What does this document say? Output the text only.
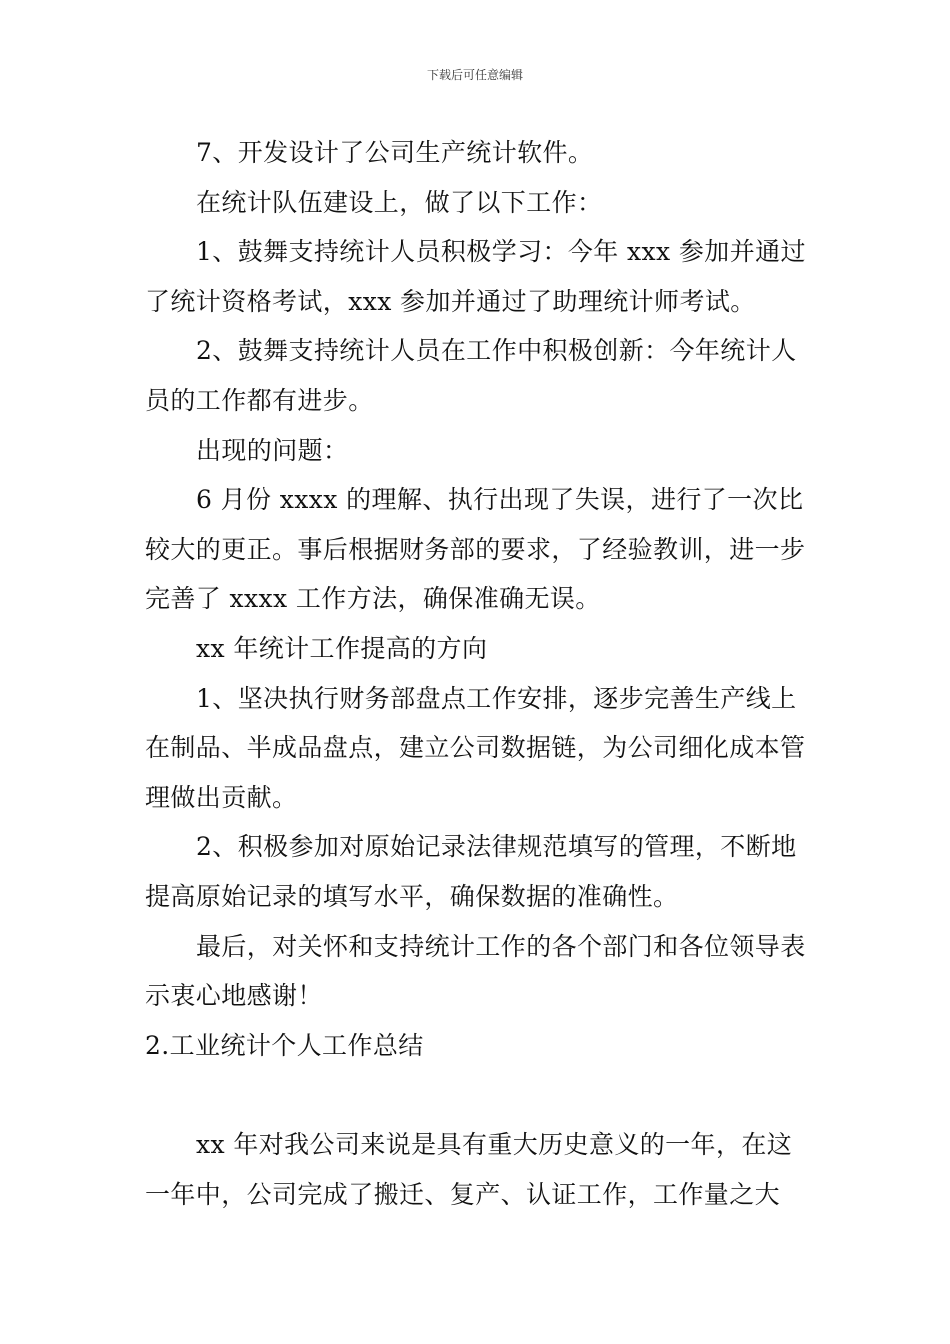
下载后可任意编辑

7、开发设计了公司生产统计软件。

在统计队伍建设上，做了以下工作：

1、鼓舞支持统计人员积极学习：今年 xxx 参加并通过了统计资格考试，xxx 参加并通过了助理统计师考试。

2、鼓舞支持统计人员在工作中积极创新：今年统计人员的工作都有进步。

出现的问题：

6 月份 xxxx 的理解、执行出现了失误，进行了一次比较大的更正。事后根据财务部的要求，了经验教训，进一步完善了 xxxx 工作方法，确保准确无误。

xx 年统计工作提高的方向

1、坚决执行财务部盘点工作安排，逐步完善生产线上在制品、半成品盘点，建立公司数据链，为公司细化成本管理做出贡献。

2、积极参加对原始记录法律规范填写的管理，不断地提高原始记录的填写水平，确保数据的准确性。

最后，对关怀和支持统计工作的各个部门和各位领导表示衷心地感谢！

2.工业统计个人工作总结

xx 年对我公司来说是具有重大历史意义的一年，在这一年中，公司完成了搬迁、复产、认证工作，工作量之大
